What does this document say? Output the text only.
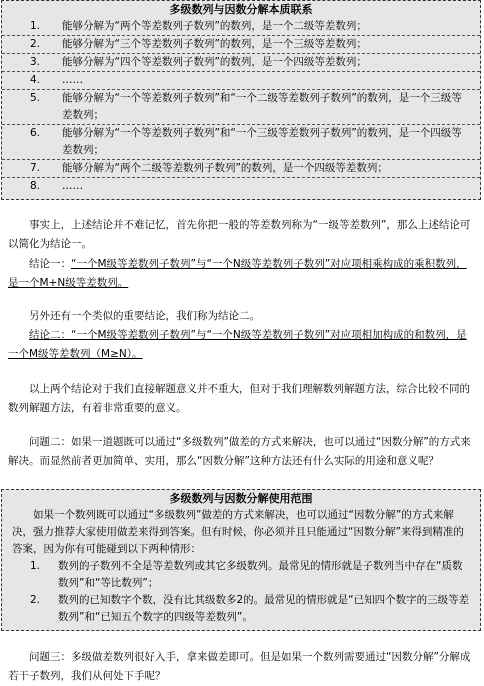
多级数列与因数分解本质联系
1. 能够分解为“两个等差数列子数列”的数列，是一个二级等差数列；
2. 能够分解为“三个等差数列子数列”的数列，是一个三级等差数列；
3. 能够分解为“四个等差数列子数列”的数列，是一个四级等差数列；
4. ……
5. 能够分解为“一个等差数列子数列”和“一个二级等差数列子数列”的数列，是一个三级等差数列；
6. 能够分解为“一个等差数列子数列”和“一个三级等差数列子数列”的数列，是一个四级等差数列；
7. 能够分解为“两个二级等差数列子数列”的数列，是一个四级等差数列；
8. ……
事实上，上述结论并不难记忆，首先你把一般的等差数列称为“一级等差数列”，那么上述结论可以简化为结论一。
结论一：“一个M级等差数列子数列”与“一个N级等差数列子数列”对应项相乘构成的乘积数列，是一个M+N级等差数列。
另外还有一个类似的重要结论，我们称为结论二。
结论二：“一个M级等差数列子数列”与“一个N级等差数列子数列”对应项相加构成的和数列，是一个M级等差数列（M≥N）。
以上两个结论对于我们直接解题意义并不重大，但对于我们理解数列解题方法，综合比较不同的数列解题方法，有着非常重要的意义。
问题二：如果一道题既可以通过“多级数列”做差的方式来解决，也可以通过“因数分解”的方式来解决。而显然前者更加简单、实用，那么“因数分解”这种方法还有什么实际的用途和意义呢？
多级数列与因数分解使用范围
如果一个数列既可以通过“多级数列”做差的方式来解决，也可以通过“因数分解”的方式来解决，强力推荐大家使用做差来得到答案。但有时候，你必须并且只能通过“因数分解”来得到精准的答案，因为你有可能碰到以下两种情形：
1. 数列的子数列不全是等差数列或其它多级数列。最常见的情形就是子数列当中存在“质数数列”和“等比数列”；
2. 数列的已知数字个数，没有比其级数多2的。最常见的情形就是“已知四个数字的三级等差数列”和“已知五个数字的四级等差数列”。
问题三：多级做差数列很好入手，拿来做差即可。但是如果一个数列需要通过“因数分解”分解成若干子数列，我们从何处下手呢？
